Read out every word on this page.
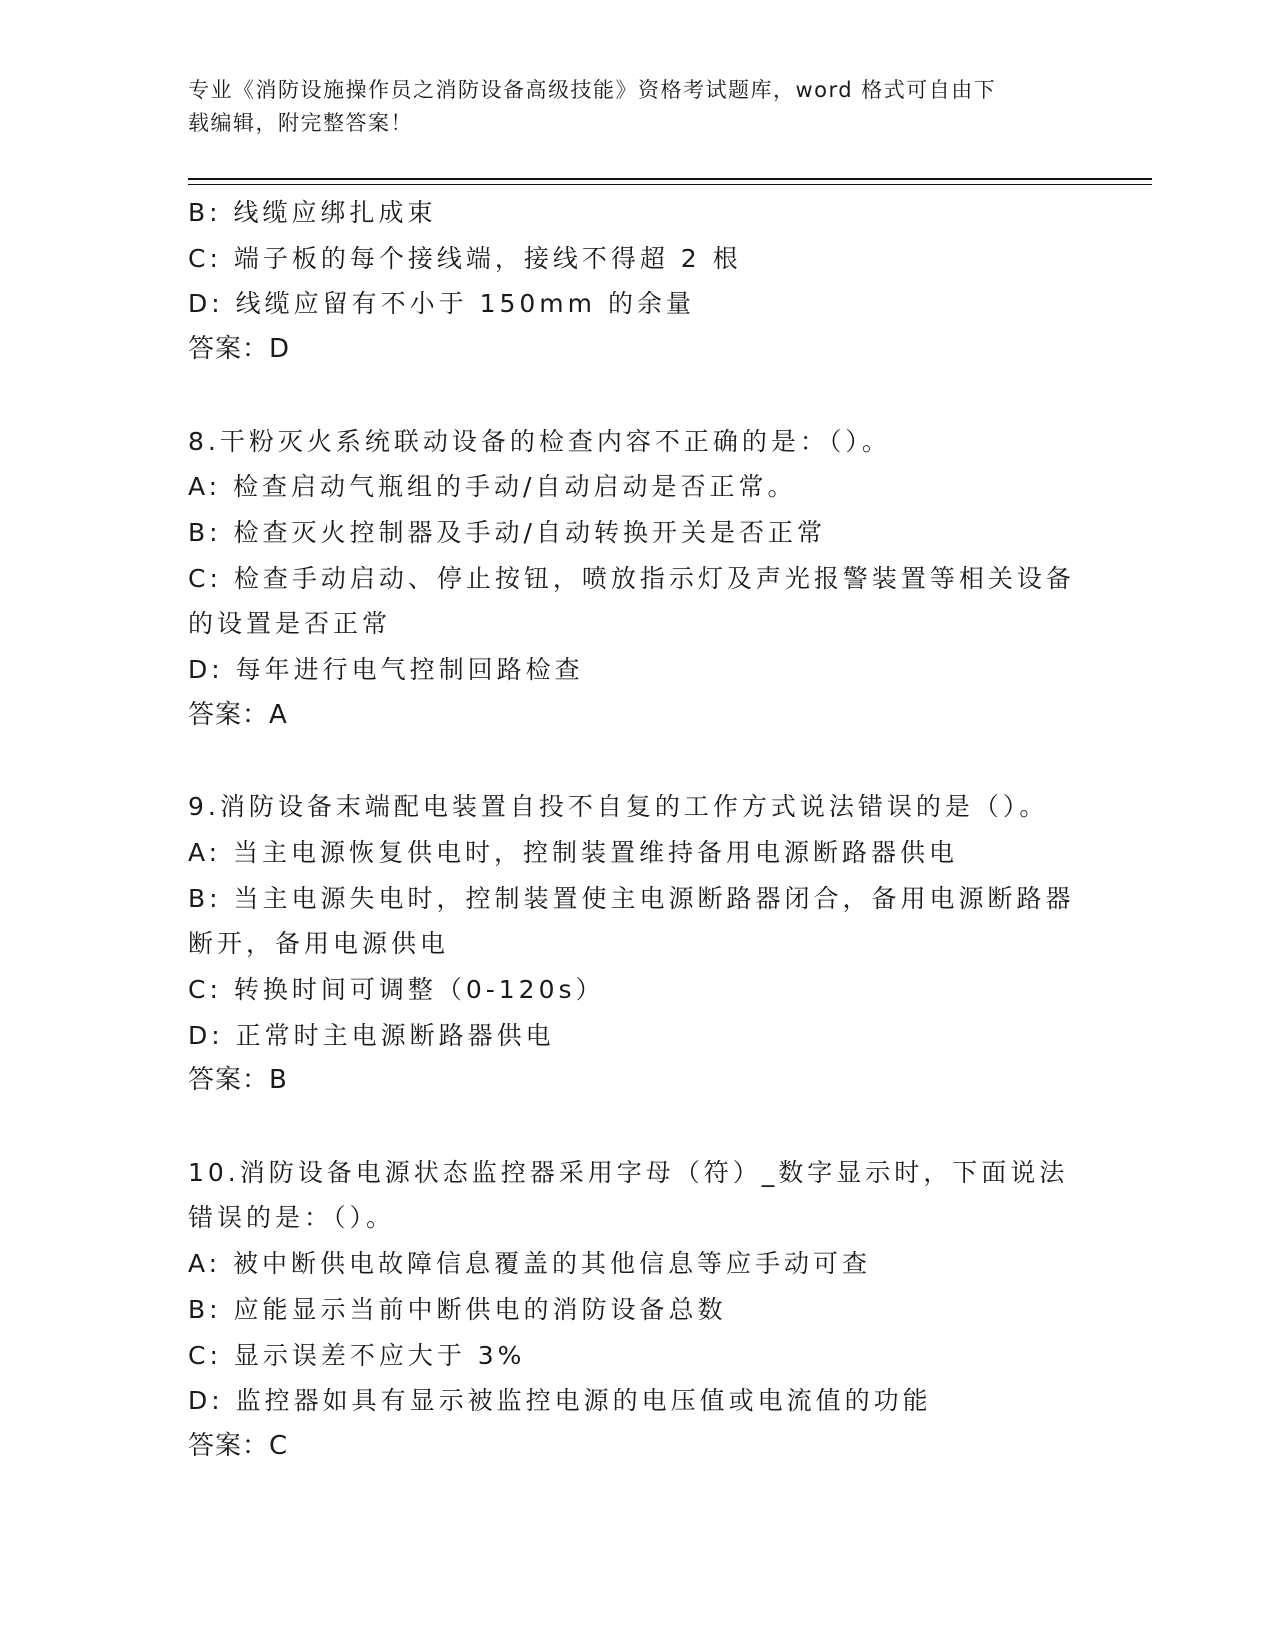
专业《消防设施操作员之消防设备高级技能》资格考试题库，word 格式可自由下
载编辑，附完整答案！
B: 线缆应绑扎成束
C: 端子板的每个接线端，接线不得超 2 根
D: 线缆应留有不小于 150mm 的余量
答案：D
8.干粉灭火系统联动设备的检查内容不正确的是：（）。
A: 检查启动气瓶组的手动/自动启动是否正常。
B: 检查灭火控制器及手动/自动转换开关是否正常
C: 检查手动启动、停止按钮，喷放指示灯及声光报警装置等相关设备
的设置是否正常
D: 每年进行电气控制回路检查
答案：A
9.消防设备末端配电装置自投不自复的工作方式说法错误的是（）。
A: 当主电源恢复供电时，控制装置维持备用电源断路器供电
B: 当主电源失电时，控制装置使主电源断路器闭合，备用电源断路器
断开，备用电源供电
C: 转换时间可调整（0-120s）
D: 正常时主电源断路器供电
答案：B
10.消防设备电源状态监控器采用字母（符）_数字显示时，下面说法
错误的是：（）。
A: 被中断供电故障信息覆盖的其他信息等应手动可查
B: 应能显示当前中断供电的消防设备总数
C: 显示误差不应大于 3%
D: 监控器如具有显示被监控电源的电压值或电流值的功能
答案：C
